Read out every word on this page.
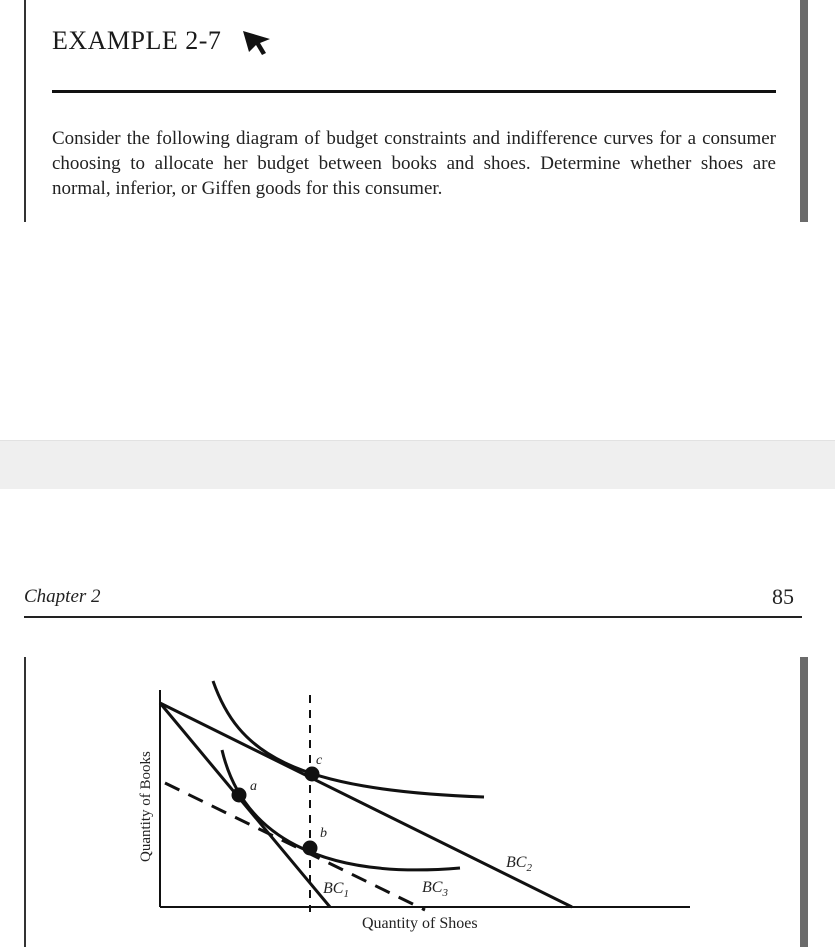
EXAMPLE 2-7
Consider the following diagram of budget constraints and indifference curves for a consumer choosing to allocate her budget between books and shoes. Determine whether shoes are normal, inferior, or Giffen goods for this consumer.
Chapter 2	85
a
b
c
$BC_1$	$BC_3$
$BC_2$
Quantity of Shoes
Quantity of Books
